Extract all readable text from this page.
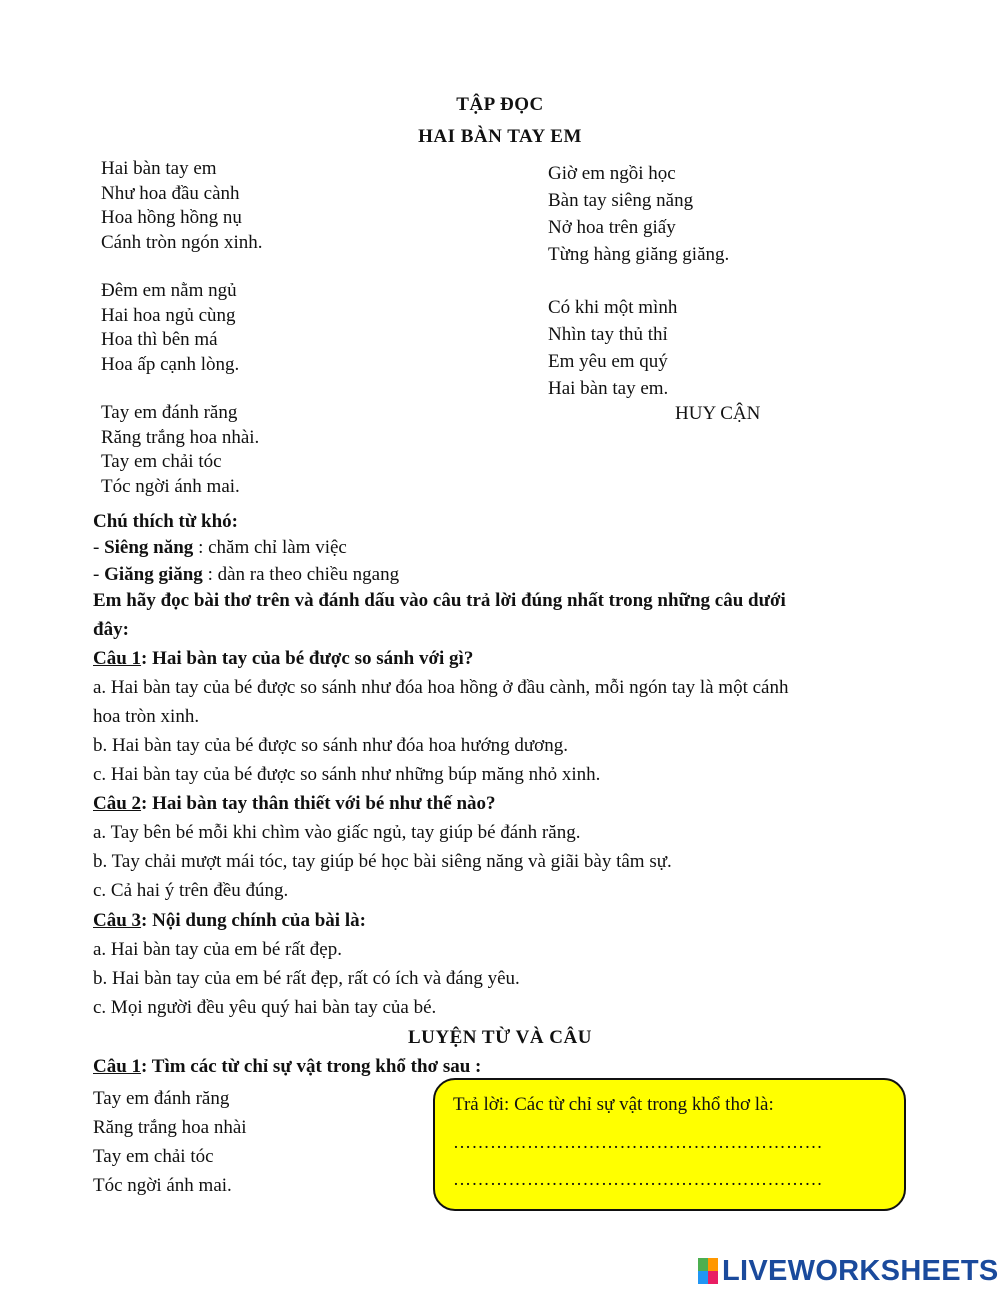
TẬP ĐỌC
HAI BÀN TAY EM
Hai bàn tay em
Như hoa đầu cành
Hoa hồng hồng nụ
Cánh tròn ngón xinh.
Đêm em nằm ngủ
Hai hoa ngủ cùng
Hoa thì bên má
Hoa ấp cạnh lòng.
Tay em đánh răng
Răng trắng hoa nhài.
Tay em chải tóc
Tóc ngời ánh mai.
Giờ em ngồi học
Bàn tay siêng năng
Nở hoa trên giấy
Từng hàng giăng giăng.
Có khi một mình
Nhìn tay thủ thỉ
Em yêu em quý
Hai bàn tay em.
HUY CẬN
Chú thích từ khó:
- Siêng năng : chăm chỉ làm việc
- Giăng giăng : dàn ra theo chiều ngang
Em hãy đọc bài thơ trên và đánh dấu vào câu trả lời đúng nhất trong những câu dưới
đây:
Câu 1: Hai bàn tay của bé được so sánh với gì?
a. Hai bàn tay của bé được so sánh như đóa hoa hồng ở đầu cành, mỗi ngón tay là một cánh
hoa tròn xinh.
b. Hai bàn tay của bé được so sánh như đóa hoa hướng dương.
c. Hai bàn tay của bé được so sánh như những búp măng nhỏ xinh.
Câu 2: Hai bàn tay thân thiết với bé như thế nào?
a. Tay bên bé mỗi khi chìm vào giấc ngủ, tay giúp bé đánh răng.
b. Tay chải mượt mái tóc, tay giúp bé học bài siêng năng và giãi bày tâm sự.
c. Cả hai ý trên đều đúng.
Câu 3: Nội dung chính của bài là:
a. Hai bàn tay của em bé rất đẹp.
b. Hai bàn tay của em bé rất đẹp, rất có ích và đáng yêu.
c. Mọi người đều yêu quý hai bàn tay của bé.
LUYỆN TỪ VÀ CÂU
Câu 1: Tìm các từ chỉ sự vật trong khổ thơ sau :
Tay em đánh răng
Răng trắng hoa nhài
Tay em chải tóc
Tóc ngời ánh mai.
Trả lời: Các từ chỉ sự vật trong khổ thơ là:
……………………………………………………
……………………………………………………
LIVEWORKSHEETS
